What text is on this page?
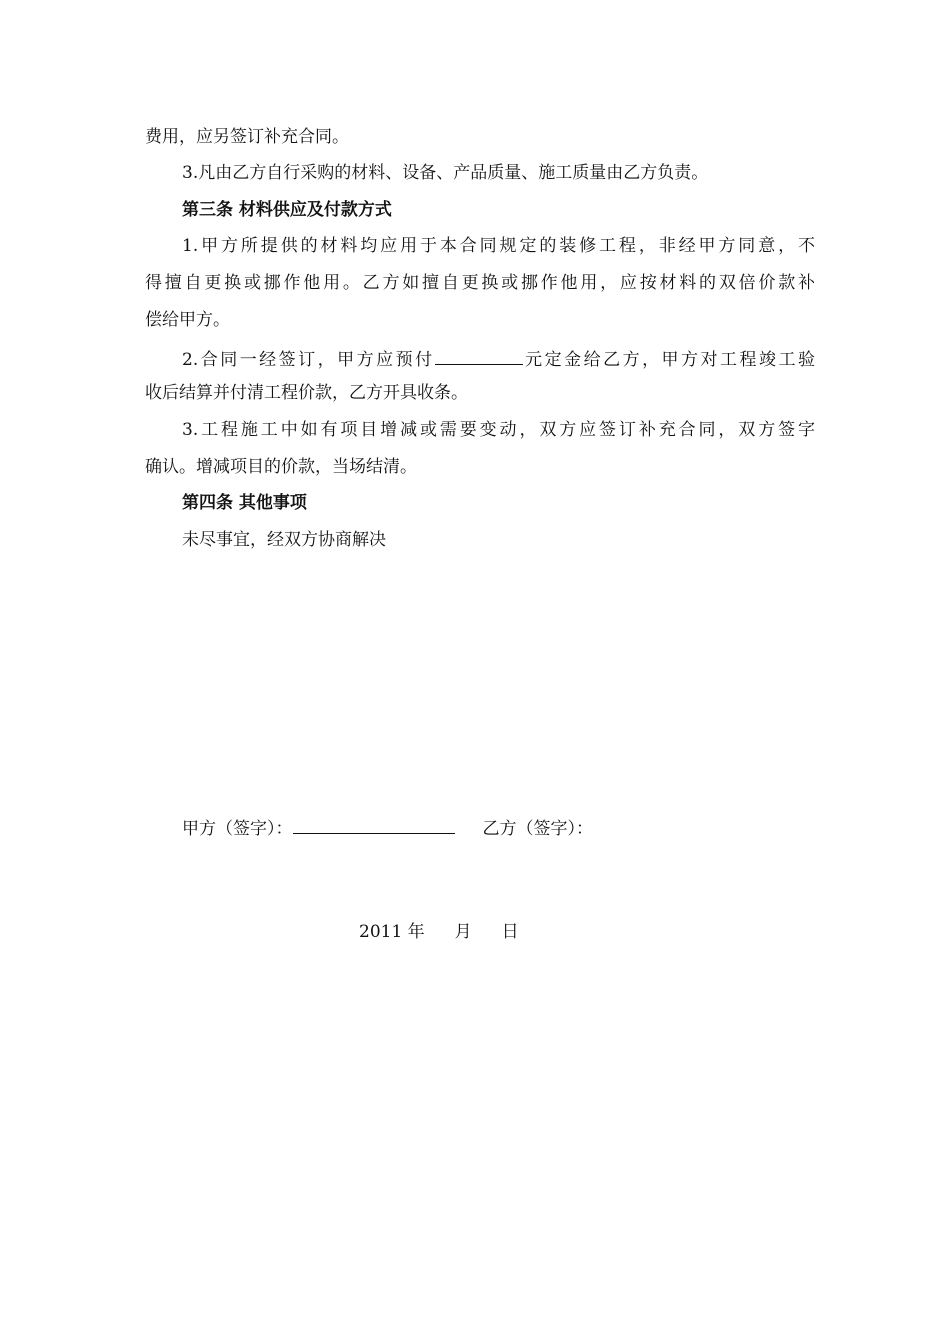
费用，应另签订补充合同。
3.凡由乙方自行采购的材料、设备、产品质量、施工质量由乙方负责。
第三条 材料供应及付款方式
1.甲方所提供的材料均应用于本合同规定的装修工程，非经甲方同意，不
得擅自更换或挪作他用。乙方如擅自更换或挪作他用，应按材料的双倍价款补
偿给甲方。
2.合同一经签订，甲方应预付	元定金给乙方，甲方对工程竣工验
收后结算并付清工程价款，乙方开具收条。
3.工程施工中如有项目增减或需要变动，双方应签订补充合同，双方签字
确认。增减项目的价款，当场结清。
第四条 其他事项
未尽事宜，经双方协商解决
甲方（签字）：	乙方（签字）：
2011 年 月 日
